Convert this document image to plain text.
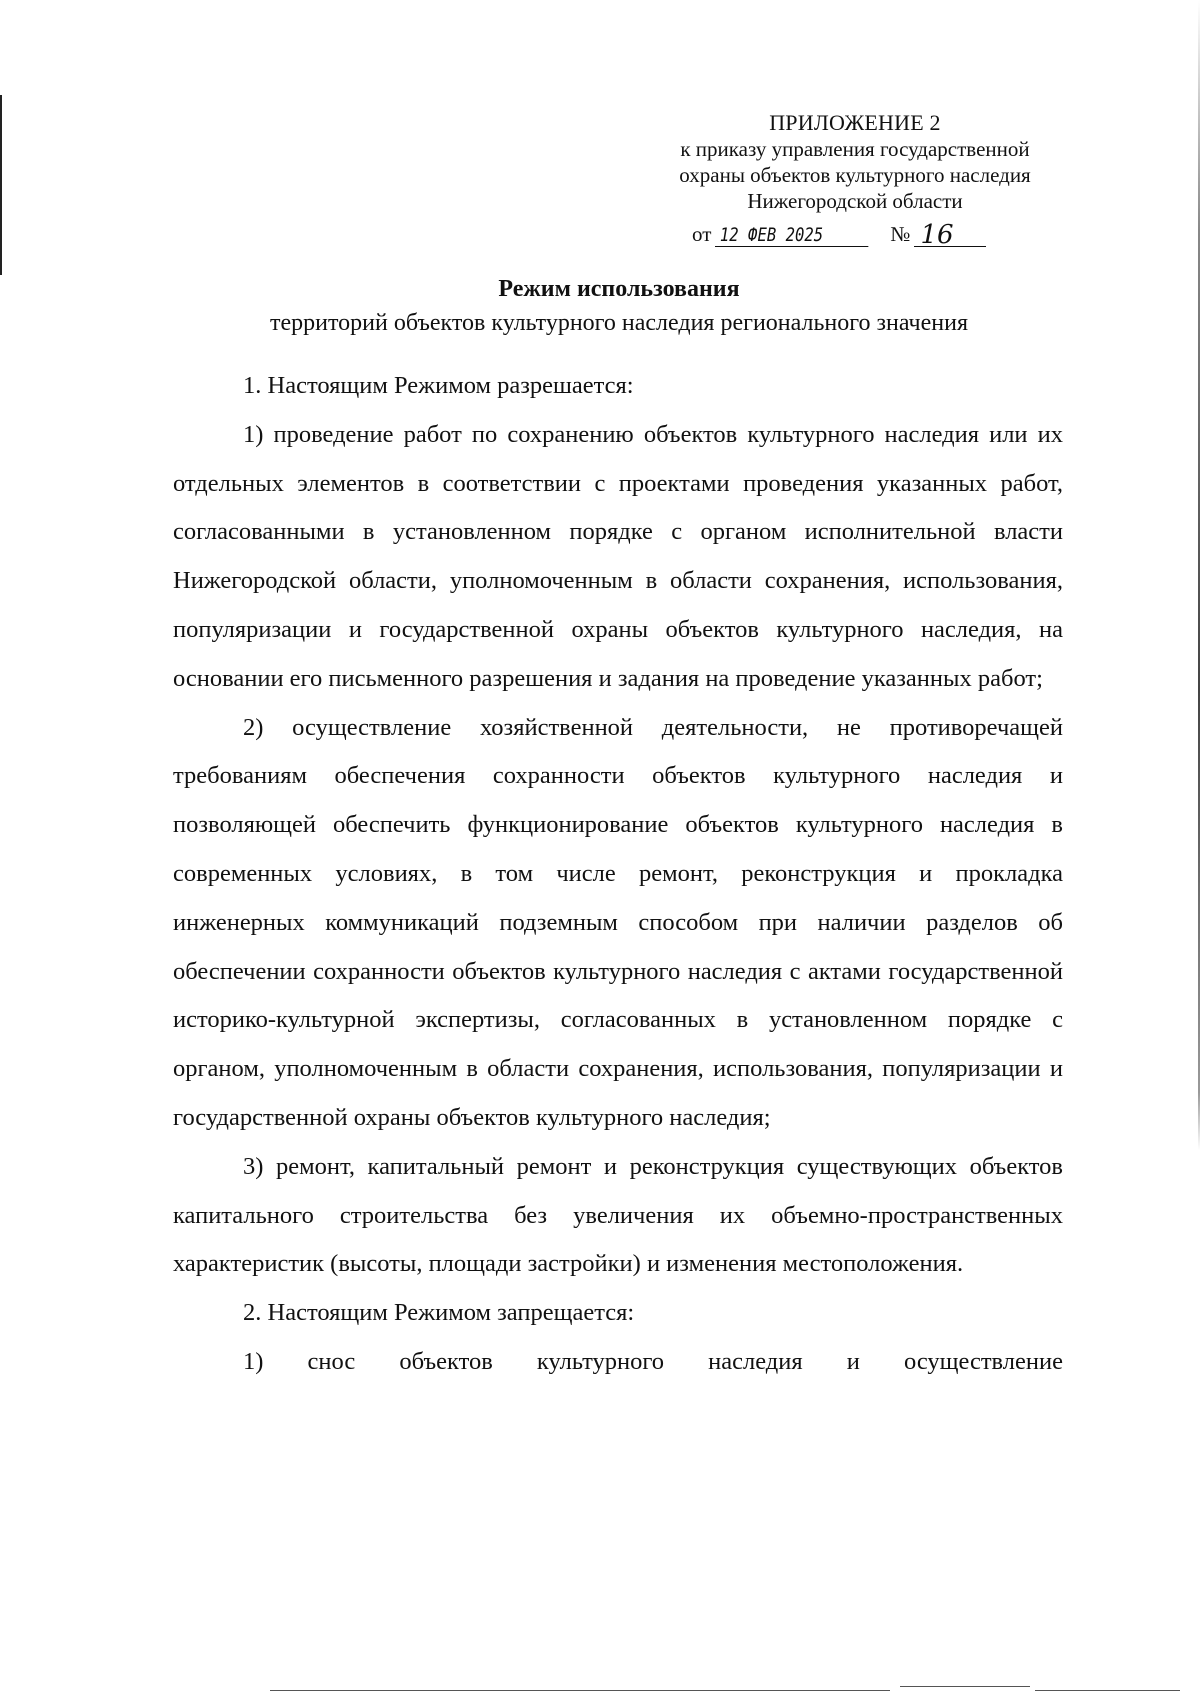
ПРИЛОЖЕНИЕ 2
к приказу управления государственной
охраны объектов культурного наследия
Нижегородской области
от 12 ФЕВ 2025	№ 16
Режим использования
территорий объектов культурного наследия регионального значения

1. Настоящим Режимом разрешается:

1) проведение работ по сохранению объектов культурного наследия или их отдельных элементов в соответствии с проектами проведения указанных работ, согласованными в установленном порядке с органом исполнительной власти Нижегородской области, уполномоченным в области сохранения, использования, популяризации и государственной охраны объектов культурного наследия, на основании его письменного разрешения и задания на проведение указанных работ;

2) осуществление хозяйственной деятельности, не противоречащей требованиям обеспечения сохранности объектов культурного наследия и позволяющей обеспечить функционирование объектов культурного наследия в современных условиях, в том числе ремонт, реконструкция и прокладка инженерных коммуникаций подземным способом при наличии разделов об обеспечении сохранности объектов культурного наследия с актами государственной историко-культурной экспертизы, согласованных в установленном порядке с органом, уполномоченным в области сохранения, использования, популяризации и государственной охраны объектов культурного наследия;

3) ремонт, капитальный ремонт и реконструкция существующих объектов капитального строительства без увеличения их объемно-пространственных характеристик (высоты, площади застройки) и изменения местоположения.

2. Настоящим Режимом запрещается:

1) снос объектов культурного наследия и осуществление
